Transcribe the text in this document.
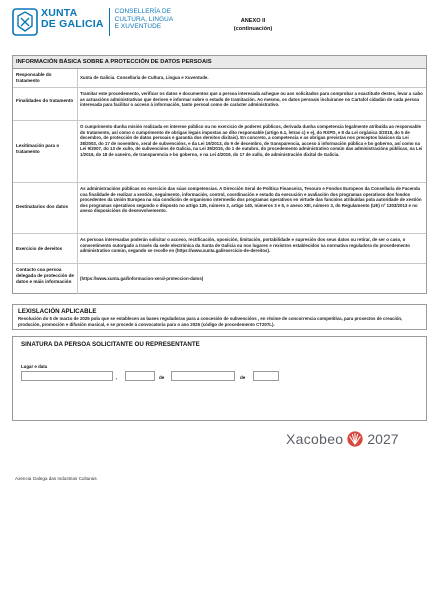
XUNTA
DE GALICIA
CONSELLERÍA DE
CULTURA, LINGUA
E XUVENTUDE
ANEXO II
(continuación)
INFORMACIÓN BÁSICA SOBRE A PROTECCIÓN DE DATOS PERSOAIS
Responsable do tratamento
Xunta de Galicia. Consellaría de Cultura, Lingua e Xuventude.
Finalidades do tratamento
Tramitar este procedemento, verificar os datos e documentos que a persoa interesada achegue ou aos solicitados para comprobar a exactitude destes, levar a cabo as actuacións administrativas que deriven e informar sobre o estado de tramitación. Ao mesmo, os datos persoais incluiranse no Cartafol cidadán de cada persoa interesada para facilitar o acceso á información, tanto persoal como de carácter administrativo.
Lexitimación para o tratamento
O cumprimento dunha misión realizada en interese público ou no exercicio de poderes públicos, derivada dunha competencia legalmente atribuída ao responsable do tratamento, así como o cumprimento de obrigas legais impostas ao dito responsable (artigo 6.1, letras c) e e), do RXPD, e 8 da Lei orgánica 3/2018, do 5 de decembro, de protección de datos persoais e garantía dos dereitos dixitais). En concreto, a competencia e as obrigas previstas nos preceptos básicos da Lei 38/2003, do 17 de novembro, xeral de subvencións, e da Lei 19/2013, do 9 de decembro, de transparencia, acceso á información pública e bo goberno, así como na Lei 9/2007, do 13 de xuño, de subvencións de Galicia, na Lei 39/2015, do 1 de outubro, do procedemento administrativo común das administracións públicas, na Lei 1/2016, do 18 de xaneiro, de transparencia e bo goberno, e na Lei 4/2019, do 17 de xullo, de administración dixital de Galicia.
Destinatarios dos datos
As administracións públicas no exercicio das súas competencias. A Dirección Xeral de Política Financeira, Tesouro e Fondos Europeos da Consellaría de Facenda coa finalidade de realizar a xestión, seguimento, información, control, coordinación e estudo da execución e avaliación dos programas operativos dos fondos procedentes da Unión Europea na súa condición de organismo intermedio dos programas operativos en virtude das funcións atribuídas pola autoridade de xestión dos programas operativos segundo o disposto no artigo 125, número 2, artigo 140, números 3 e 5, e anexo XIII, número 3, do Regulamento (UE) nº 1303/2013 e no anexo disposicións do desenvolvemento.
Exercicio de dereitos
As persoas interesadas poderán solicitar o acceso, rectificación, oposición, limitación, portabilidade e supresión dos seus datos ou retirar, de ser o caso, o consentimento outorgado a través da sede electrónica da Xunta de Galicia ou nos lugares e rexistros establecidos na normativa reguladora do procedemento administrativo común, segundo se recolle en (https://www.xunta.gal/exercicio-de-dereitos).
Contacto coa persoa delegada de protección de datos e máis información
(https://www.xunta.gal/informacion-xeral-proteccion-datos)
LEXISLACIÓN APLICABLE
Resolución do 5 de marzo de 2025 pola que se establecen as bases reguladoras para a concesión de subvencións , en réxime de concorrencia competitiva, para proxectos de creación, produción, promoción e difusión musical, e se procede á convocatoria para o ano 2025 (código de procedemento CT207L).
SINATURA DA PERSOA SOLICITANTE OU REPRESENTANTE
Lugar e data
,	de	de
Xacobeo 2027
Axencia Galega das Industrias Culturais
